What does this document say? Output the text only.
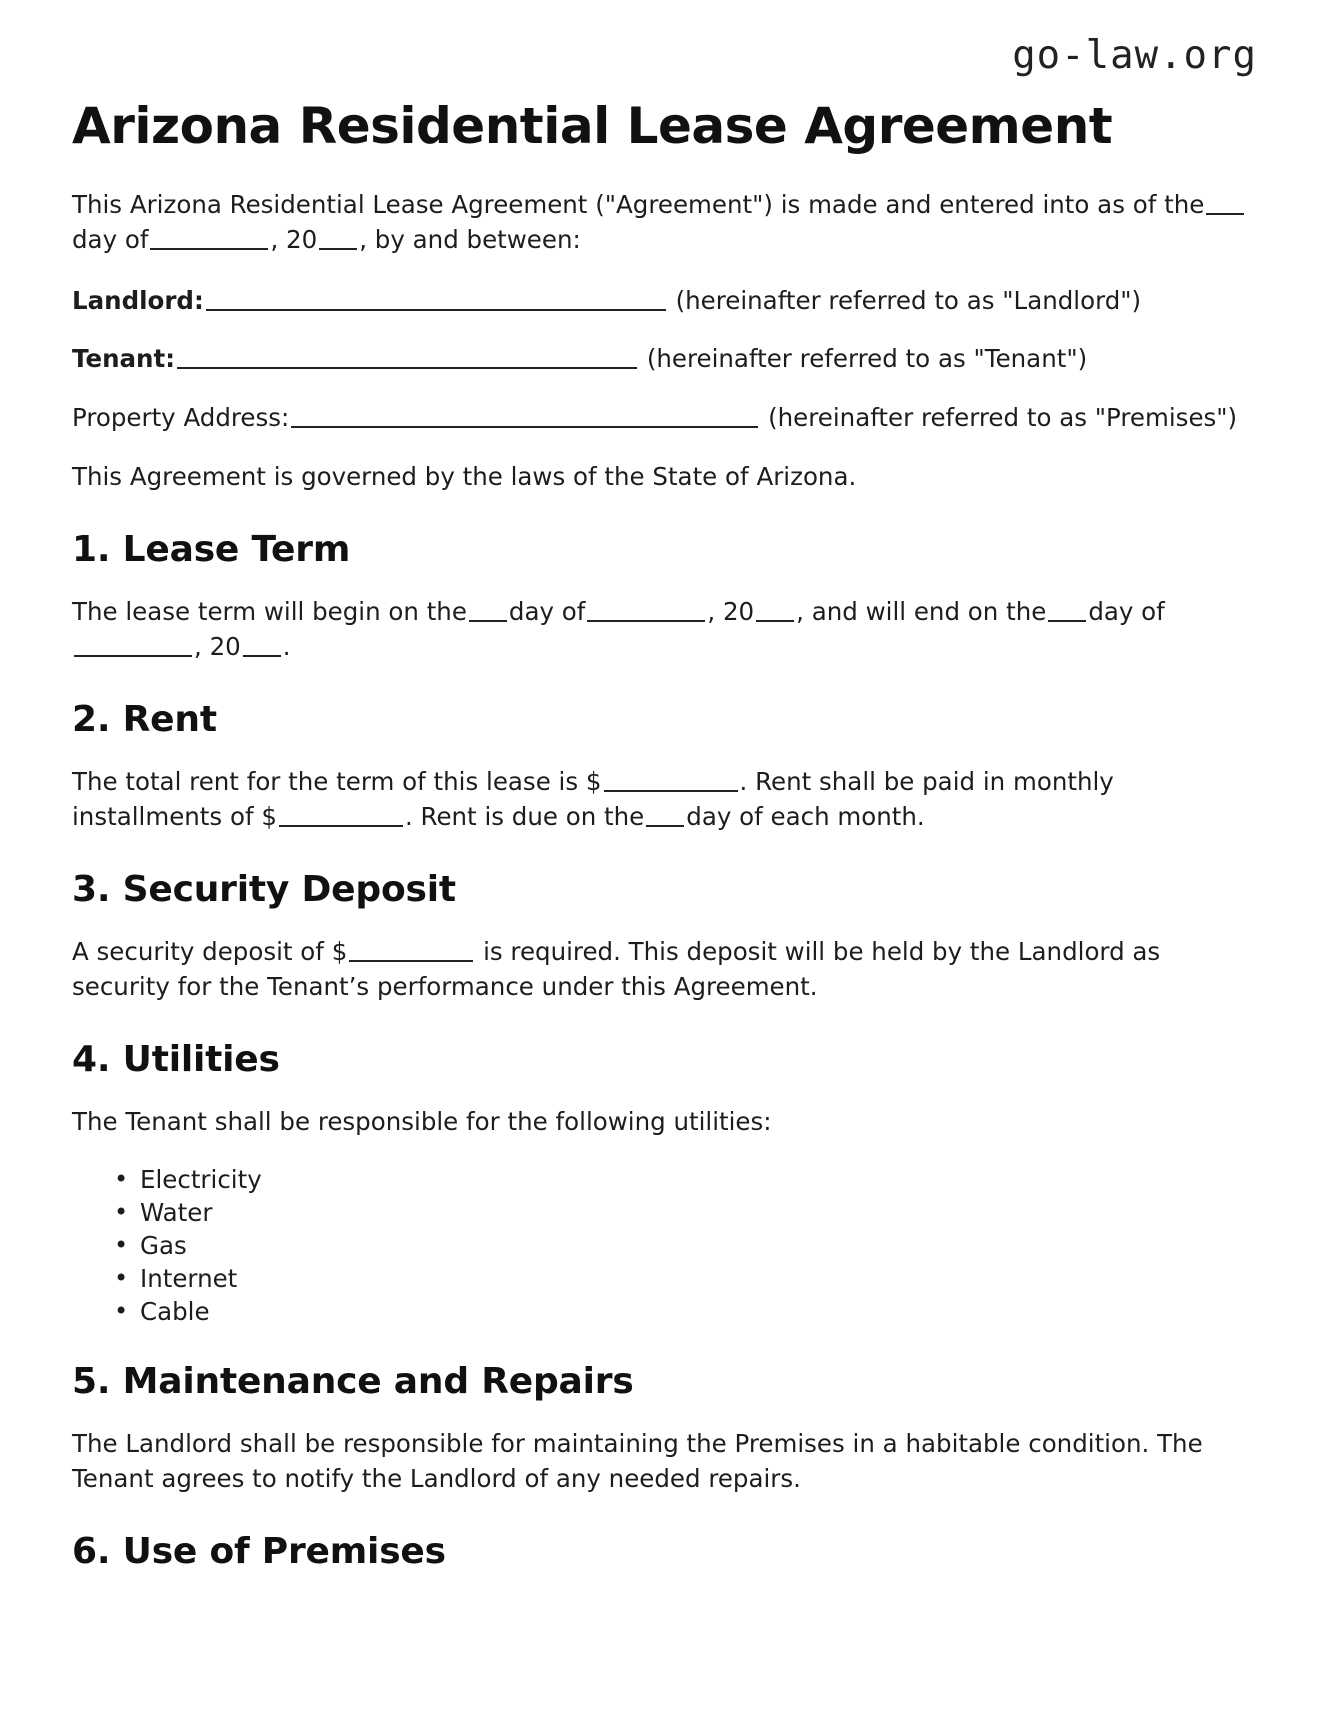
go-law.org
Arizona Residential Lease Agreement

This Arizona Residential Lease Agreement ("Agreement") is made and entered into as of theday of	, 20 , by and between:

Landlord:	(hereinafter referred to as "Landlord")

Tenant:	(hereinafter referred to as "Tenant")

Property Address:	(hereinafter referred to as "Premises")

This Agreement is governed by the laws of the State of Arizona.

1. Lease Term

The lease term will begin on the day of	, 20 , and will end on the day of, 20 .

2. Rent

The total rent for the term of this lease is $	. Rent shall be paid in monthly installments of $	. Rent is due on the day of each month.

3. Security Deposit

A security deposit of $	is required. This deposit will be held by the Landlord as security for the Tenant’s performance under this Agreement.

4. Utilities

The Tenant shall be responsible for the following utilities:

• Electricity
• Water
• Gas
• Internet
• Cable
5. Maintenance and Repairs

The Landlord shall be responsible for maintaining the Premises in a habitable condition. The Tenant agrees to notify the Landlord of any needed repairs.

6. Use of Premises
